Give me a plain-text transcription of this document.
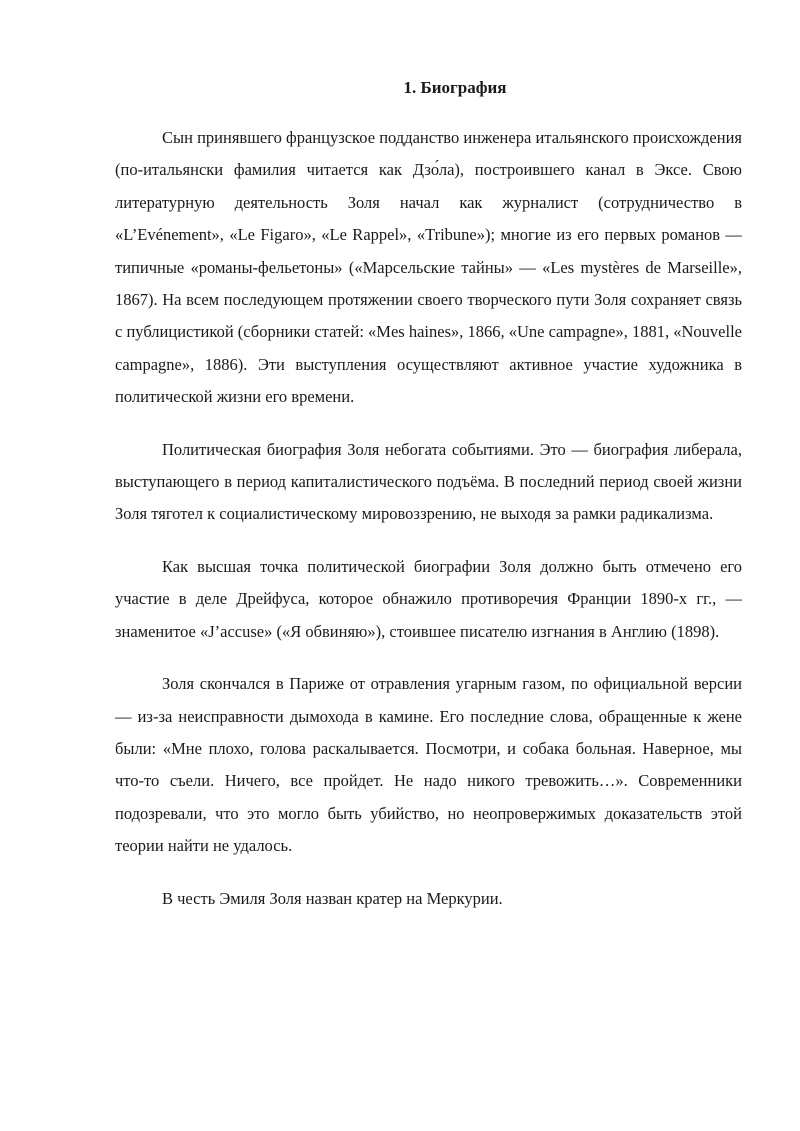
1. Биография

Сын принявшего французское подданство инженера итальянского происхождения (по-итальянски фамилия читается как Дзо́ла), построившего канал в Эксе. Свою литературную деятельность Золя начал как журналист (сотрудничество в «L’Evénement», «Le Figaro», «Le Rappel», «Tribune»); многие из его первых романов — типичные «романы-фельетоны» («Марсельские тайны» — «Les mystères de Marseille», 1867). На всем последующем протяжении своего творческого пути Золя сохраняет связь с публицистикой (сборники статей: «Mes haines», 1866, «Une campagne», 1881, «Nouvelle campagne», 1886). Эти выступления осуществляют активное участие художника в политической жизни его времени.

Политическая биография Золя небогата событиями. Это — биография либерала, выступающего в период капиталистического подъёма. В последний период своей жизни Золя тяготел к социалистическому мировоззрению, не выходя за рамки радикализма.

Как высшая точка политической биографии Золя должно быть отмечено его участие в деле Дрейфуса, которое обнажило противоречия Франции 1890-х гг., — знаменитое «J’accuse» («Я обвиняю»), стоившее писателю изгнания в Англию (1898).

Золя скончался в Париже от отравления угарным газом, по официальной версии — из-за неисправности дымохода в камине. Его последние слова, обращенные к жене были: «Мне плохо, голова раскалывается. Посмотри, и собака больная. Наверное, мы что-то съели. Ничего, все пройдет. Не надо никого тревожить…». Современники подозревали, что это могло быть убийство, но неопровержимых доказательств этой теории найти не удалось.

В честь Эмиля Золя назван кратер на Меркурии.
